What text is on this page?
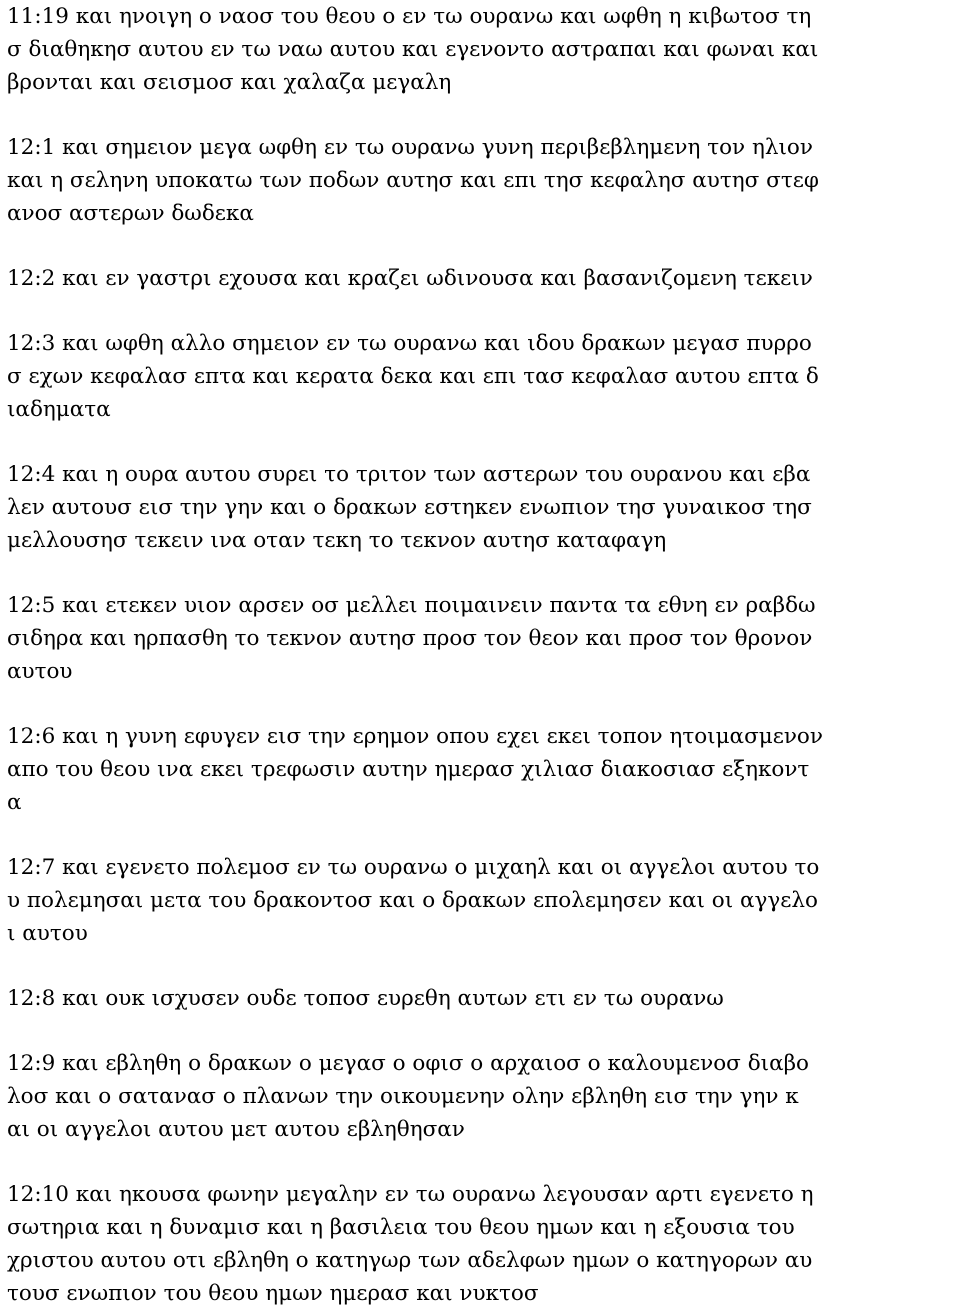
11:19 και ηνοιγη ο ναοσ του θεου ο εν τω ουρανω και ωφθη η κιβωτοσ τη
σ διαθηκησ αυτου εν τω ναω αυτου και εγενοντο αστραπαι και φωναι και
βρονται και σεισμοσ και χαλαζα μεγαλη
12:1 και σημειον μεγα ωφθη εν τω ουρανω γυνη περιβεβλημενη τον ηλιον
και η σεληνη υποκατω των ποδων αυτησ και επι τησ κεφαλησ αυτησ στεφ
ανοσ αστερων δωδεκα
12:2 και εν γαστρι εχουσα και κραζει ωδινουσα και βασανιζομενη τεκειν
12:3 και ωφθη αλλο σημειον εν τω ουρανω και ιδου δρακων μεγασ πυρρο
σ εχων κεφαλασ επτα και κερατα δεκα και επι τασ κεφαλασ αυτου επτα δ
ιαδηματα
12:4 και η ουρα αυτου συρει το τριτον των αστερων του ουρανου και εβα
λεν αυτουσ εισ την γην και ο δρακων εστηκεν ενωπιον τησ γυναικοσ τησ
μελλουσησ τεκειν ινα οταν τεκη το τεκνον αυτησ καταφαγη
12:5 και ετεκεν υιον αρσεν οσ μελλει ποιμαινειν παντα τα εθνη εν ραβδω
σιδηρα και ηρπασθη το τεκνον αυτησ προσ τον θεον και προσ τον θρονον
αυτου
12:6 και η γυνη εφυγεν εισ την ερημον οπου εχει εκει τοπον ητοιμασμενον
απο του θεου ινα εκει τρεφωσιν αυτην ημερασ χιλιασ διακοσιασ εξηκοντ
α
12:7 και εγενετο πολεμοσ εν τω ουρανω ο μιχαηλ και οι αγγελοι αυτου το
υ πολεμησαι μετα του δρακοντοσ και ο δρακων επολεμησεν και οι αγγελο
ι αυτου
12:8 και ουκ ισχυσεν ουδε τοποσ ευρεθη αυτων ετι εν τω ουρανω
12:9 και εβληθη ο δρακων ο μεγασ ο οφισ ο αρχαιοσ ο καλουμενοσ διαβο
λοσ και ο σατανασ ο πλανων την οικουμενην ολην εβληθη εισ την γην κ
αι οι αγγελοι αυτου μετ αυτου εβληθησαν
12:10 και ηκουσα φωνην μεγαλην εν τω ουρανω λεγουσαν αρτι εγενετο η
σωτηρια και η δυναμισ και η βασιλεια του θεου ημων και η εξουσια του
χριστου αυτου οτι εβληθη ο κατηγωρ των αδελφων ημων ο κατηγορων αυ
τουσ ενωπιον του θεου ημων ημερασ και νυκτοσ
